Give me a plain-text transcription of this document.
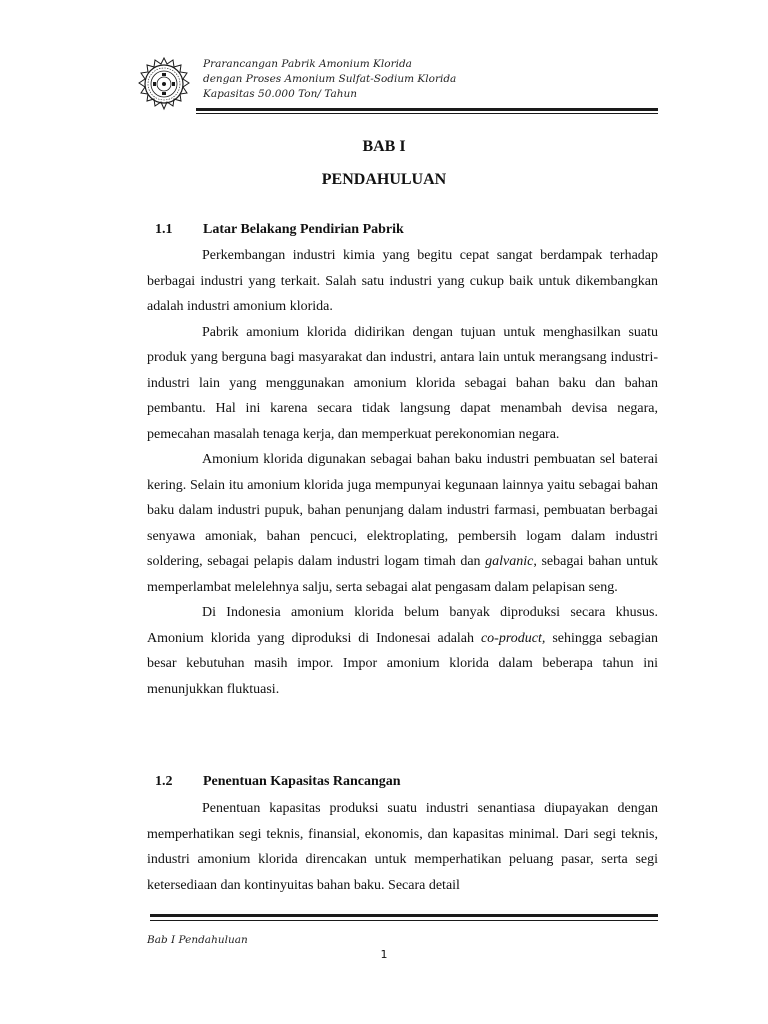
Prarancangan Pabrik Amonium Klorida
dengan Proses Amonium Sulfat-Sodium Klorida
Kapasitas 50.000 Ton/ Tahun
BAB I
PENDAHULUAN
1.1 Latar Belakang Pendirian Pabrik

Perkembangan industri kimia yang begitu cepat sangat berdampak terhadap berbagai industri yang terkait. Salah satu industri yang cukup baik untuk dikembangkan adalah industri amonium klorida.

Pabrik amonium klorida didirikan dengan tujuan untuk menghasilkan suatu produk yang berguna bagi masyarakat dan industri, antara lain untuk merangsang industri-industri lain yang menggunakan amonium klorida sebagai bahan baku dan bahan pembantu. Hal ini karena secara tidak langsung dapat menambah devisa negara, pemecahan masalah tenaga kerja, dan memperkuat perekonomian negara.

Amonium klorida digunakan sebagai bahan baku industri pembuatan sel baterai kering. Selain itu amonium klorida juga mempunyai kegunaan lainnya yaitu sebagai bahan baku dalam industri pupuk, bahan penunjang dalam industri farmasi, pembuatan berbagai senyawa amoniak, bahan pencuci, elektroplating, pembersih logam dalam industri soldering, sebagai pelapis dalam industri logam timah dan galvanic, sebagai bahan untuk memperlambat melelehnya salju, serta sebagai alat pengasam dalam pelapisan seng.

Di Indonesia amonium klorida belum banyak diproduksi secara khusus. Amonium klorida yang diproduksi di Indonesai adalah co-product, sehingga sebagian besar kebutuhan masih impor. Impor amonium klorida dalam beberapa tahun ini menunjukkan fluktuasi.

1.2 Penentuan Kapasitas Rancangan

Penentuan kapasitas produksi suatu industri senantiasa diupayakan dengan memperhatikan segi teknis, finansial, ekonomis, dan kapasitas minimal. Dari segi teknis, industri amonium klorida direncakan untuk memperhatikan peluang pasar, serta segi ketersediaan dan kontinyuitas bahan baku. Secara detail

Bab I Pendahuluan
1
